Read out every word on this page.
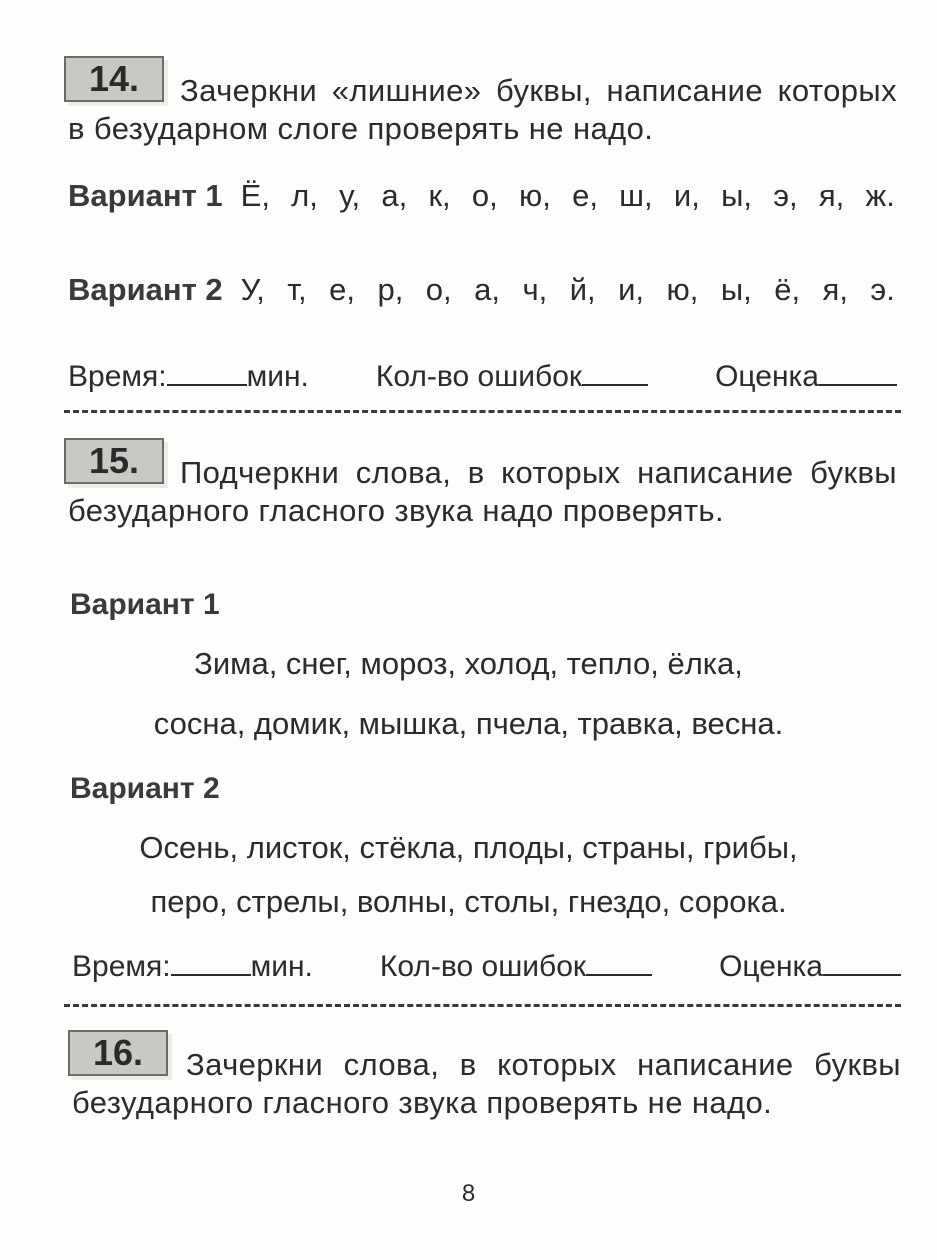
14.	Зачеркни «лишние» буквы, написание которых в безударном слоге проверять не надо.
Вариант 1 Ё, л, у, а, к, о, ю, е, ш, и, ы, э, я, ж.
Вариант 2 У, т, е, р, о, а, ч, й, и, ю, ы, ё, я, э.
Время:	мин. Кол-во ошибок	Оценка
15.	Подчеркни слова, в которых написание буквы безударного гласного звука надо проверять.
Вариант 1
Зима, снег, мороз, холод, тепло, ёлка,
сосна, домик, мышка, пчела, травка, весна.
Вариант 2
Осень, листок, стёкла, плоды, страны, грибы,
перо, стрелы, волны, столы, гнездо, сорока.
Время:	мин. Кол-во ошибок	Оценка
16.	Зачеркни слова, в которых написание буквы безударного гласного звука проверять не надо.
8
